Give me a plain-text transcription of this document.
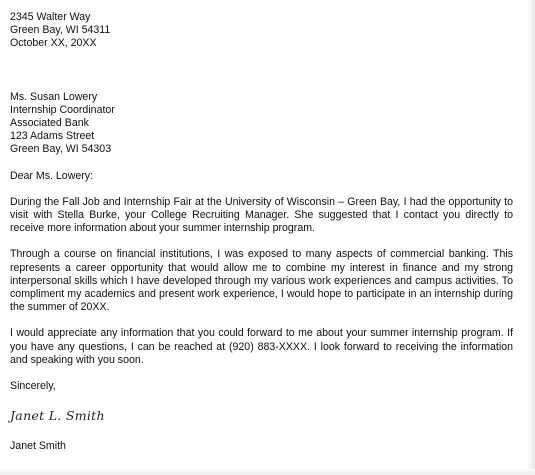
2345 Walter Way

Green Bay, WI 54311

October XX, 20XX

Ms. Susan Lowery

Internship Coordinator

Associated Bank

123 Adams Street

Green Bay, WI 54303

Dear Ms. Lowery:

During the Fall Job and Internship Fair at the University of Wisconsin – Green Bay, I had the opportunity to visit with Stella Burke, your College Recruiting Manager. She suggested that I contact you directly to receive more information about your summer internship program.

Through a course on financial institutions, I was exposed to many aspects of commercial banking. This represents a career opportunity that would allow me to combine my interest in finance and my strong interpersonal skills which I have developed through my various work experiences and campus activities. To compliment my academics and present work experience, I would hope to participate in an internship during the summer of 20XX.

I would appreciate any information that you could forward to me about your summer internship program. If you have any questions, I can be reached at (920) 883-XXXX. I look forward to receiving the information and speaking with you soon.

Sincerely,

Janet L. Smith

Janet Smith
